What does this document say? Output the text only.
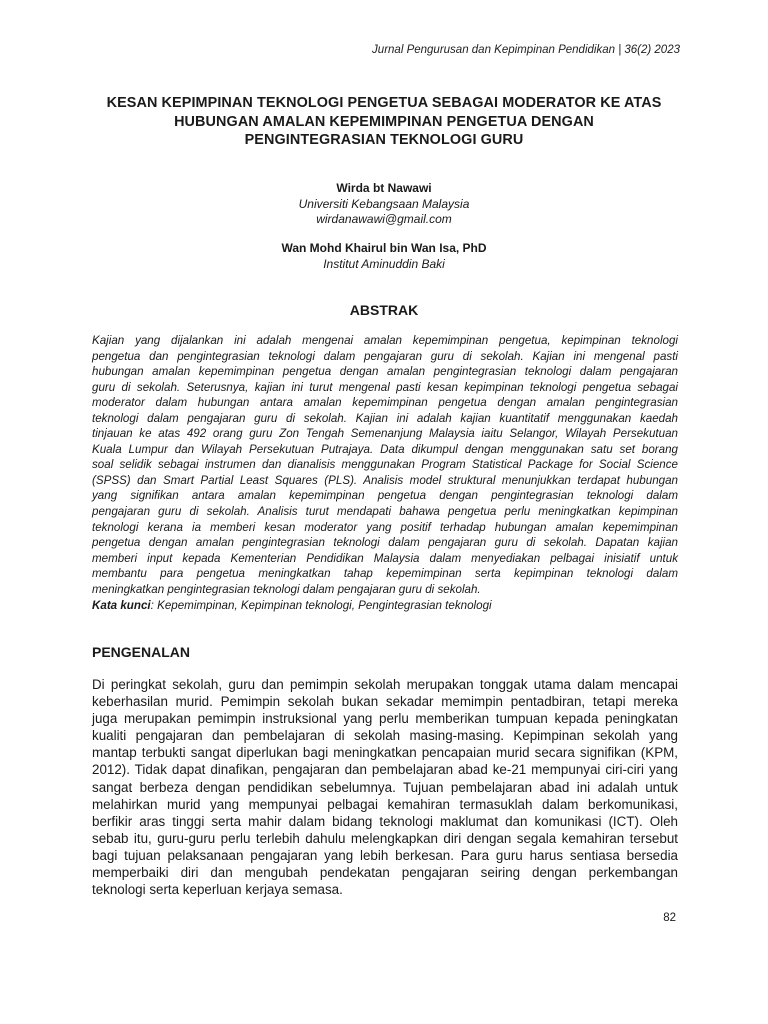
Jurnal Pengurusan dan Kepimpinan Pendidikan | 36(2) 2023
KESAN KEPIMPINAN TEKNOLOGI PENGETUA SEBAGAI MODERATOR KE ATAS
HUBUNGAN AMALAN KEPEMIMPINAN PENGETUA DENGAN
PENGINTEGRASIAN TEKNOLOGI GURU
Wirda bt Nawawi
Universiti Kebangsaan Malaysia
wirdanawawi@gmail.com
Wan Mohd Khairul bin Wan Isa, PhD
Institut Aminuddin Baki
ABSTRAK
Kajian yang dijalankan ini adalah mengenai amalan kepemimpinan pengetua, kepimpinan teknologi
pengetua dan pengintegrasian teknologi dalam pengajaran guru di sekolah. Kajian ini mengenal pasti
hubungan amalan kepemimpinan pengetua dengan amalan pengintegrasian teknologi dalam pengajaran
guru di sekolah. Seterusnya, kajian ini turut mengenal pasti kesan kepimpinan teknologi pengetua sebagai
moderator dalam hubungan antara amalan kepemimpinan pengetua dengan amalan pengintegrasian
teknologi dalam pengajaran guru di sekolah. Kajian ini adalah kajian kuantitatif menggunakan kaedah
tinjauan ke atas 492 orang guru Zon Tengah Semenanjung Malaysia iaitu Selangor, Wilayah Persekutuan
Kuala Lumpur dan Wilayah Persekutuan Putrajaya. Data dikumpul dengan menggunakan satu set borang
soal selidik sebagai instrumen dan dianalisis menggunakan Program Statistical Package for Social Science
(SPSS) dan Smart Partial Least Squares (PLS). Analisis model struktural menunjukkan terdapat hubungan
yang signifikan antara amalan kepemimpinan pengetua dengan pengintegrasian teknologi dalam
pengajaran guru di sekolah. Analisis turut mendapati bahawa pengetua perlu meningkatkan kepimpinan
teknologi kerana ia memberi kesan moderator yang positif terhadap hubungan amalan kepemimpinan
pengetua dengan amalan pengintegrasian teknologi dalam pengajaran guru di sekolah. Dapatan kajian
memberi input kepada Kementerian Pendidikan Malaysia dalam menyediakan pelbagai inisiatif untuk
membantu para pengetua meningkatkan tahap kepemimpinan serta kepimpinan teknologi dalam
meningkatkan pengintegrasian teknologi dalam pengajaran guru di sekolah.
Kata kunci: Kepemimpinan, Kepimpinan teknologi, Pengintegrasian teknologi
PENGENALAN
Di peringkat sekolah, guru dan pemimpin sekolah merupakan tonggak utama dalam mencapai
keberhasilan murid. Pemimpin sekolah bukan sekadar memimpin pentadbiran, tetapi mereka
juga merupakan pemimpin instruksional yang perlu memberikan tumpuan kepada peningkatan
kualiti pengajaran dan pembelajaran di sekolah masing-masing. Kepimpinan sekolah yang
mantap terbukti sangat diperlukan bagi meningkatkan pencapaian murid secara signifikan (KPM,
2012). Tidak dapat dinafikan, pengajaran dan pembelajaran abad ke-21 mempunyai ciri-ciri yang
sangat berbeza dengan pendidikan sebelumnya. Tujuan pembelajaran abad ini adalah untuk
melahirkan murid yang mempunyai pelbagai kemahiran termasuklah dalam berkomunikasi,
berfikir aras tinggi serta mahir dalam bidang teknologi maklumat dan komunikasi (ICT). Oleh
sebab itu, guru-guru perlu terlebih dahulu melengkapkan diri dengan segala kemahiran tersebut
bagi tujuan pelaksanaan pengajaran yang lebih berkesan. Para guru harus sentiasa bersedia
memperbaiki diri dan mengubah pendekatan pengajaran seiring dengan perkembangan
teknologi serta keperluan kerjaya semasa.
82
